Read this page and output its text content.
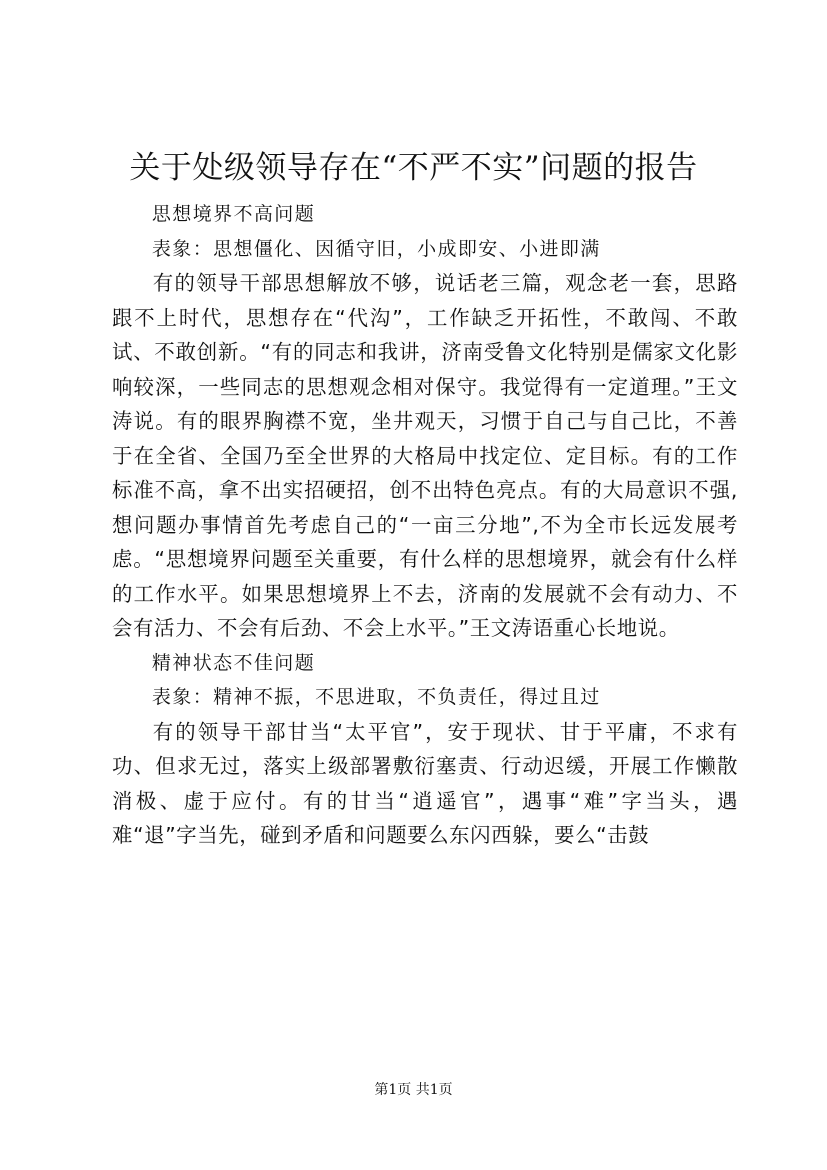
关于处级领导存在“不严不实”问题的报告

思想境界不高问题

表象：思想僵化、因循守旧，小成即安、小进即满

有的领导干部思想解放不够，说话老三篇，观念老一套，思路跟不上时代，思想存在“代沟”，工作缺乏开拓性，不敢闯、不敢试、不敢创新。“有的同志和我讲，济南受鲁文化特别是儒家文化影响较深，一些同志的思想观念相对保守。我觉得有一定道理。”王文涛说。有的眼界胸襟不宽，坐井观天，习惯于自己与自己比，不善于在全省、全国乃至全世界的大格局中找定位、定目标。有的工作标准不高，拿不出实招硬招，创不出特色亮点。有的大局意识不强,想问题办事情首先考虑自己的“一亩三分地”,不为全市长远发展考虑。“思想境界问题至关重要，有什么样的思想境界，就会有什么样的工作水平。如果思想境界上不去，济南的发展就不会有动力、不会有活力、不会有后劲、不会上水平。”王文涛语重心长地说。

精神状态不佳问题

表象：精神不振，不思进取，不负责任，得过且过

有的领导干部甘当“太平官”，安于现状、甘于平庸，不求有功、但求无过，落实上级部署敷衍塞责、行动迟缓，开展工作懒散消极、虚于应付。有的甘当“逍遥官”，遇事“难”字当头，遇难“退”字当先，碰到矛盾和问题要么东闪西躲，要么“击鼓

第1页 共1页
